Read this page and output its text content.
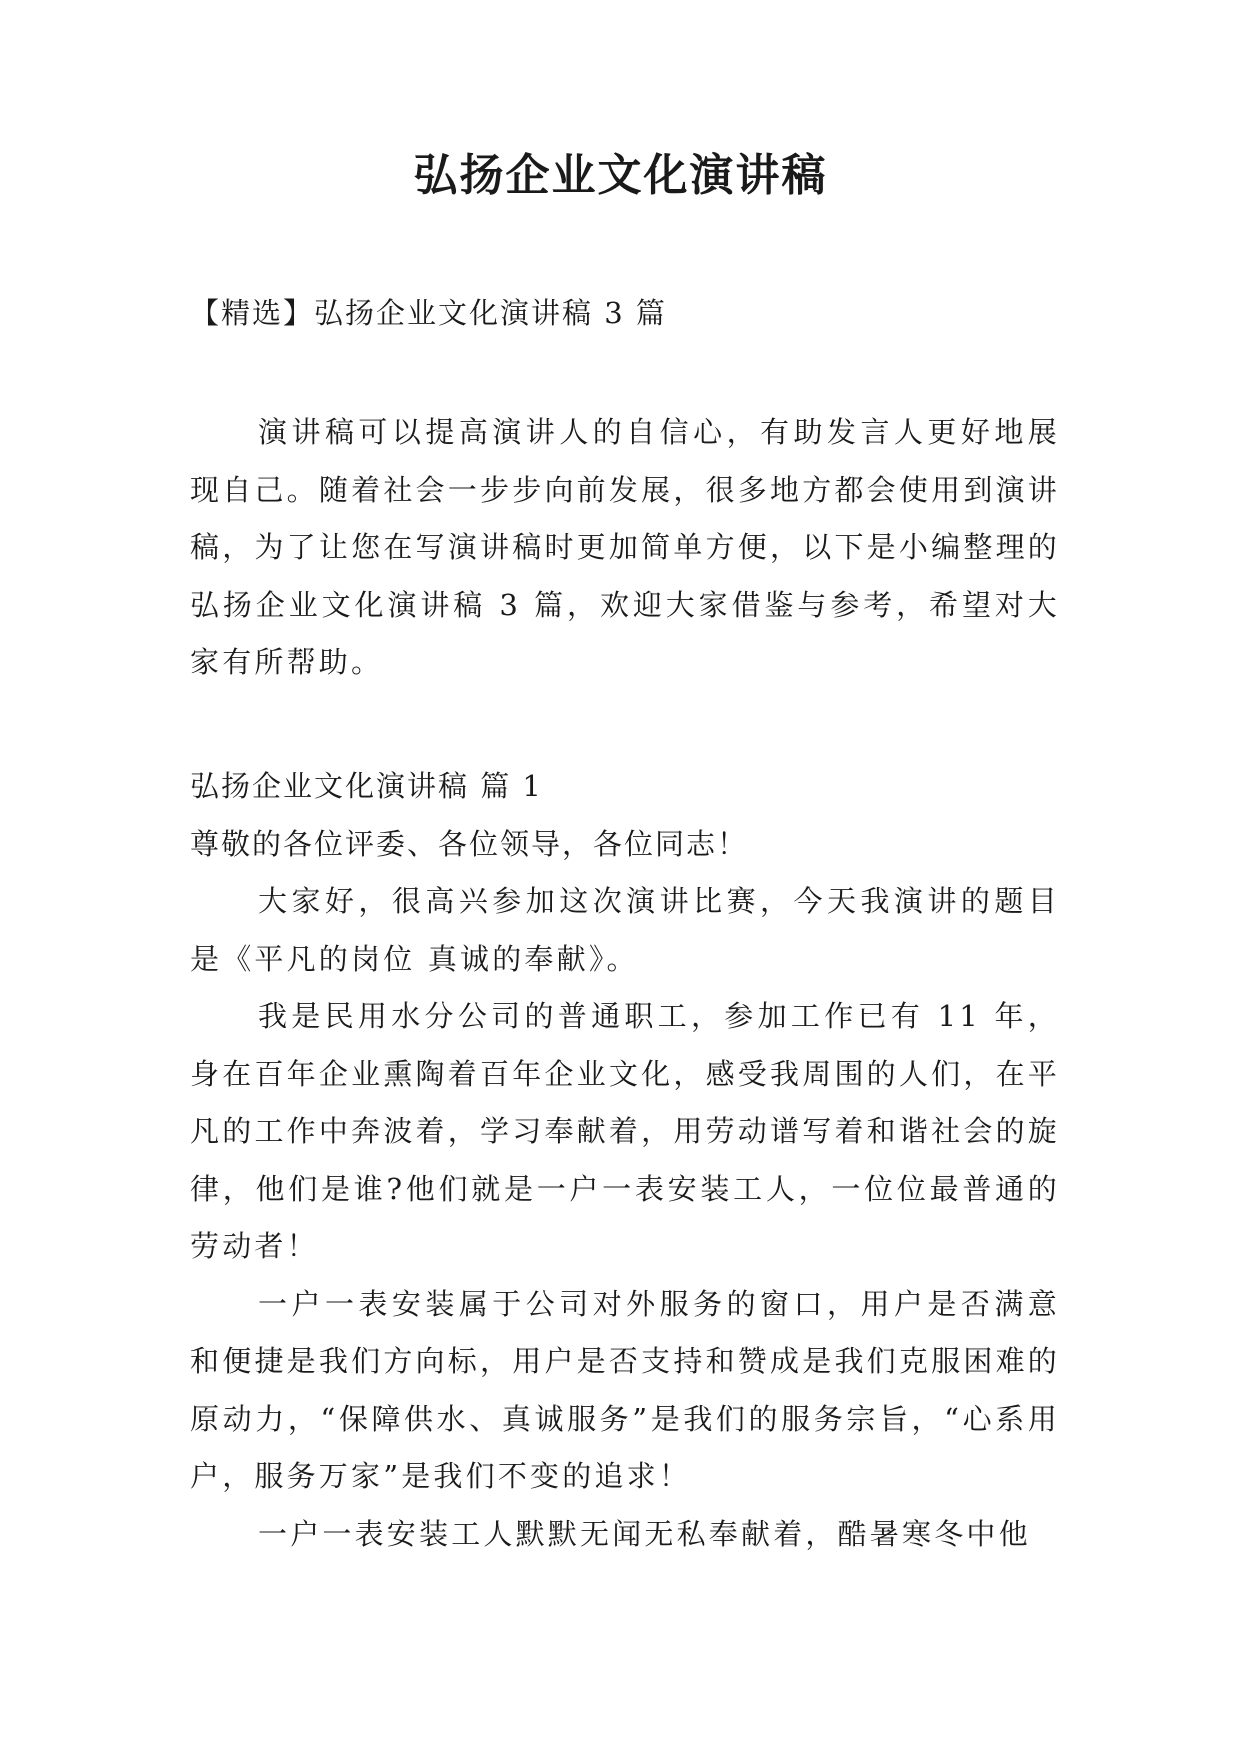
弘扬企业文化演讲稿
【精选】弘扬企业文化演讲稿 3 篇

演讲稿可以提高演讲人的自信心，有助发言人更好地展现自己。随着社会一步步向前发展，很多地方都会使用到演讲稿，为了让您在写演讲稿时更加简单方便，以下是小编整理的弘扬企业文化演讲稿 3 篇，欢迎大家借鉴与参考，希望对大家有所帮助。

弘扬企业文化演讲稿 篇 1

尊敬的各位评委、各位领导，各位同志！

大家好，很高兴参加这次演讲比赛，今天我演讲的题目是《平凡的岗位 真诚的奉献》。

我是民用水分公司的普通职工，参加工作已有 11 年，身在百年企业熏陶着百年企业文化，感受我周围的人们，在平凡的工作中奔波着，学习奉献着，用劳动谱写着和谐社会的旋律，他们是谁?他们就是一户一表安装工人，一位位最普通的劳动者！

一户一表安装属于公司对外服务的窗口，用户是否满意和便捷是我们方向标，用户是否支持和赞成是我们克服困难的原动力，“保障供水、真诚服务”是我们的服务宗旨，“心系用户，服务万家”是我们不变的追求！

一户一表安装工人默默无闻无私奉献着，酷暑寒冬中他
